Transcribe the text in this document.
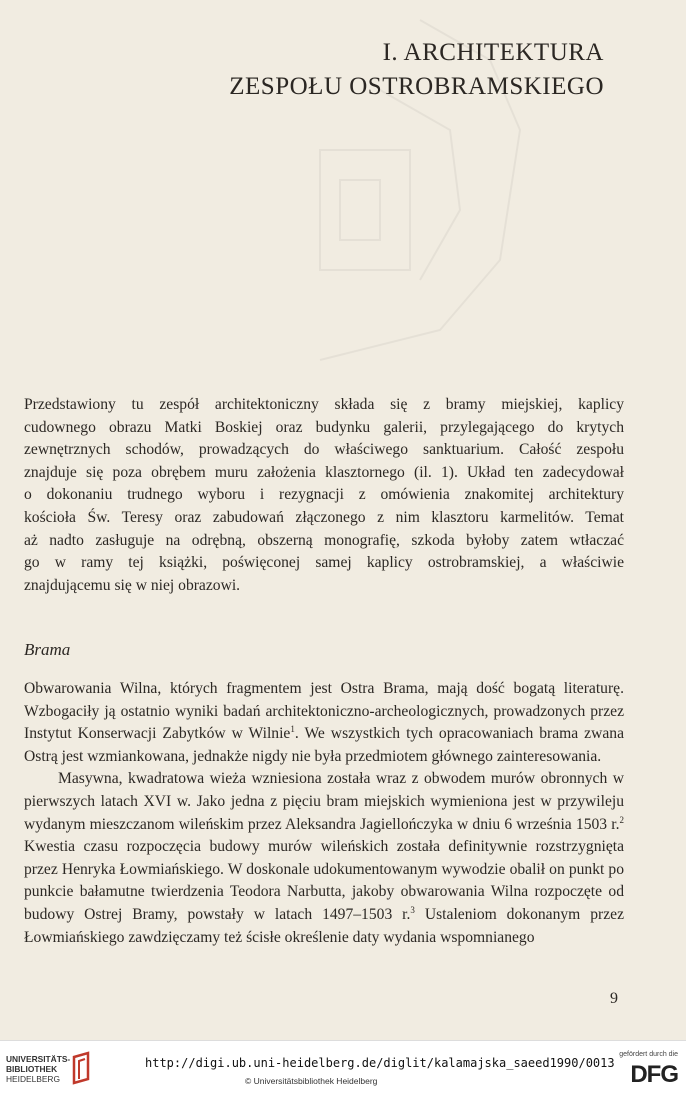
I. ARCHITEKTURA
ZESPOŁU OSTROBRAMSKIEGO
Przedstawiony tu zespół architektoniczny składa się z bramy miejskiej, kaplicy
cudownego obrazu Matki Boskiej oraz budynku galerii, przylegającego do krytych
zewnętrznych schodów, prowadzących do właściwego sanktuarium. Całość zespołu
znajduje się poza obrębem muru założenia klasztornego (il. 1). Układ ten zadecydował
o dokonaniu trudnego wyboru i rezygnacji z omówienia znakomitej architektury
kościoła Św. Teresy oraz zabudowań złączonego z nim klasztoru karmelitów. Temat
aż nadto zasługuje na odrębną, obszerną monografię, szkoda byłoby zatem wtłaczać
go w ramy tej książki, poświęconej samej kaplicy ostrobramskiej, a właściwie
znajdującemu się w niej obrazowi.
Brama

Obwarowania Wilna, których fragmentem jest Ostra Brama, mają dość bogatą literaturę. Wzbogaciły ją ostatnio wyniki badań architektoniczno-archeologicznych, prowadzonych przez Instytut Konserwacji Zabytków w Wilnie$^1$. We wszystkich tych opracowaniach brama zwana Ostrą jest wzmiankowana, jednakże nigdy nie była przedmiotem głównego zainteresowania.

Masywna, kwadratowa wieża wzniesiona została wraz z obwodem murów obronnych w pierwszych latach XVI w. Jako jedna z pięciu bram miejskich wymieniona jest w przywileju wydanym mieszczanom wileńskim przez Aleksandra Jagiellończyka w dniu 6 września 1503 r.$^2$ Kwestia czasu rozpoczęcia budowy murów wileńskich została definitywnie rozstrzygnięta przez Henryka Łowmiańskiego. W doskonale udokumentowanym wywodzie obalił on punkt po punkcie bałamutne twierdzenia Teodora Narbutta, jakoby obwarowania Wilna rozpoczęte od budowy Ostrej Bramy, powstały w latach 1497–1503 r.$^3$ Ustaleniom dokonanym przez Łowmiańskiego zawdzięczamy też ścisłe określenie daty wydania wspomnianego

9
UNIVERSITÄTS-
BIBLIOTHEK
HEIDELBERG
http://digi.ub.uni-heidelberg.de/diglit/kalamajska_saeed1990/0013
© Universitätsbibliothek Heidelberg
gefördert durch die
DFG
